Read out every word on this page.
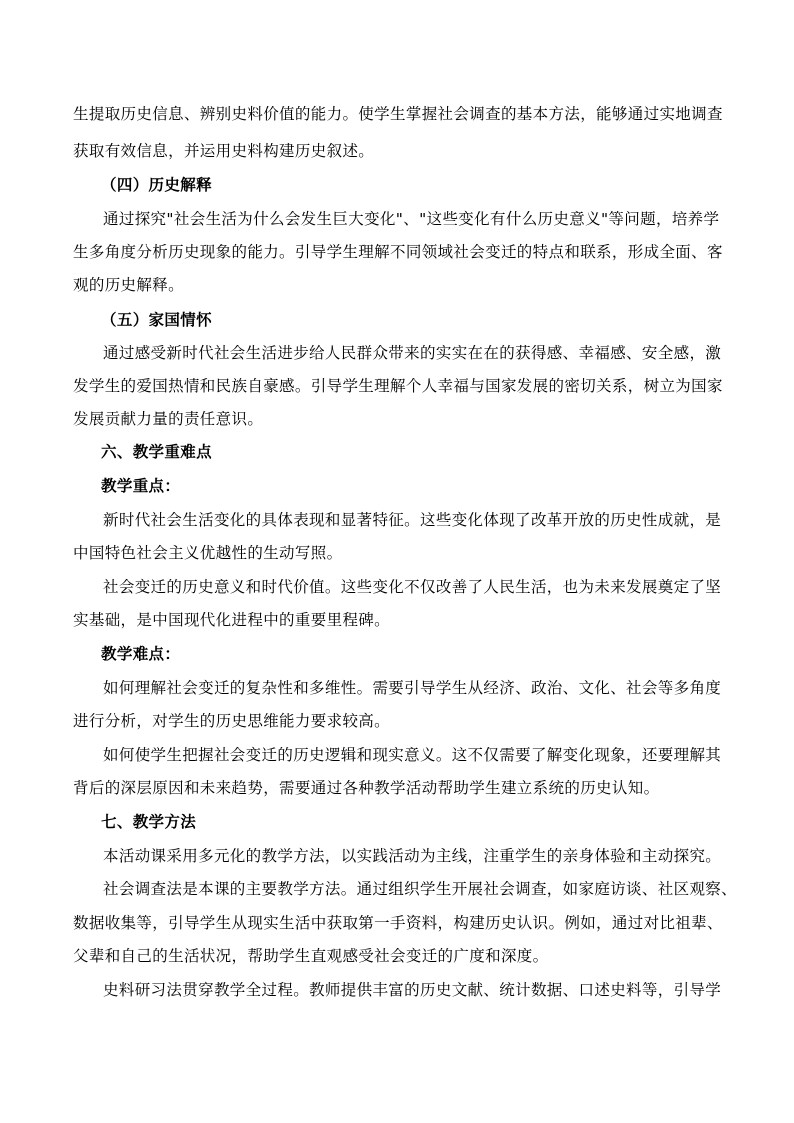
生提取历史信息、辨别史料价值的能力。使学生掌握社会调查的基本方法，能够通过实地调查
获取有效信息，并运用史料构建历史叙述。
（四）历史解释
通过探究"社会生活为什么会发生巨大变化"、"这些变化有什么历史意义"等问题，培养学
生多角度分析历史现象的能力。引导学生理解不同领域社会变迁的特点和联系，形成全面、客
观的历史解释。
（五）家国情怀
通过感受新时代社会生活进步给人民群众带来的实实在在的获得感、幸福感、安全感，激
发学生的爱国热情和民族自豪感。引导学生理解个人幸福与国家发展的密切关系，树立为国家
发展贡献力量的责任意识。
六、教学重难点
教学重点：
新时代社会生活变化的具体表现和显著特征。这些变化体现了改革开放的历史性成就，是
中国特色社会主义优越性的生动写照。
社会变迁的历史意义和时代价值。这些变化不仅改善了人民生活，也为未来发展奠定了坚
实基础，是中国现代化进程中的重要里程碑。
教学难点：
如何理解社会变迁的复杂性和多维性。需要引导学生从经济、政治、文化、社会等多角度
进行分析，对学生的历史思维能力要求较高。
如何使学生把握社会变迁的历史逻辑和现实意义。这不仅需要了解变化现象，还要理解其
背后的深层原因和未来趋势，需要通过各种教学活动帮助学生建立系统的历史认知。
七、教学方法
本活动课采用多元化的教学方法，以实践活动为主线，注重学生的亲身体验和主动探究。
社会调查法是本课的主要教学方法。通过组织学生开展社会调查，如家庭访谈、社区观察、
数据收集等，引导学生从现实生活中获取第一手资料，构建历史认识。例如，通过对比祖辈、
父辈和自己的生活状况，帮助学生直观感受社会变迁的广度和深度。
史料研习法贯穿教学全过程。教师提供丰富的历史文献、统计数据、口述史料等，引导学
